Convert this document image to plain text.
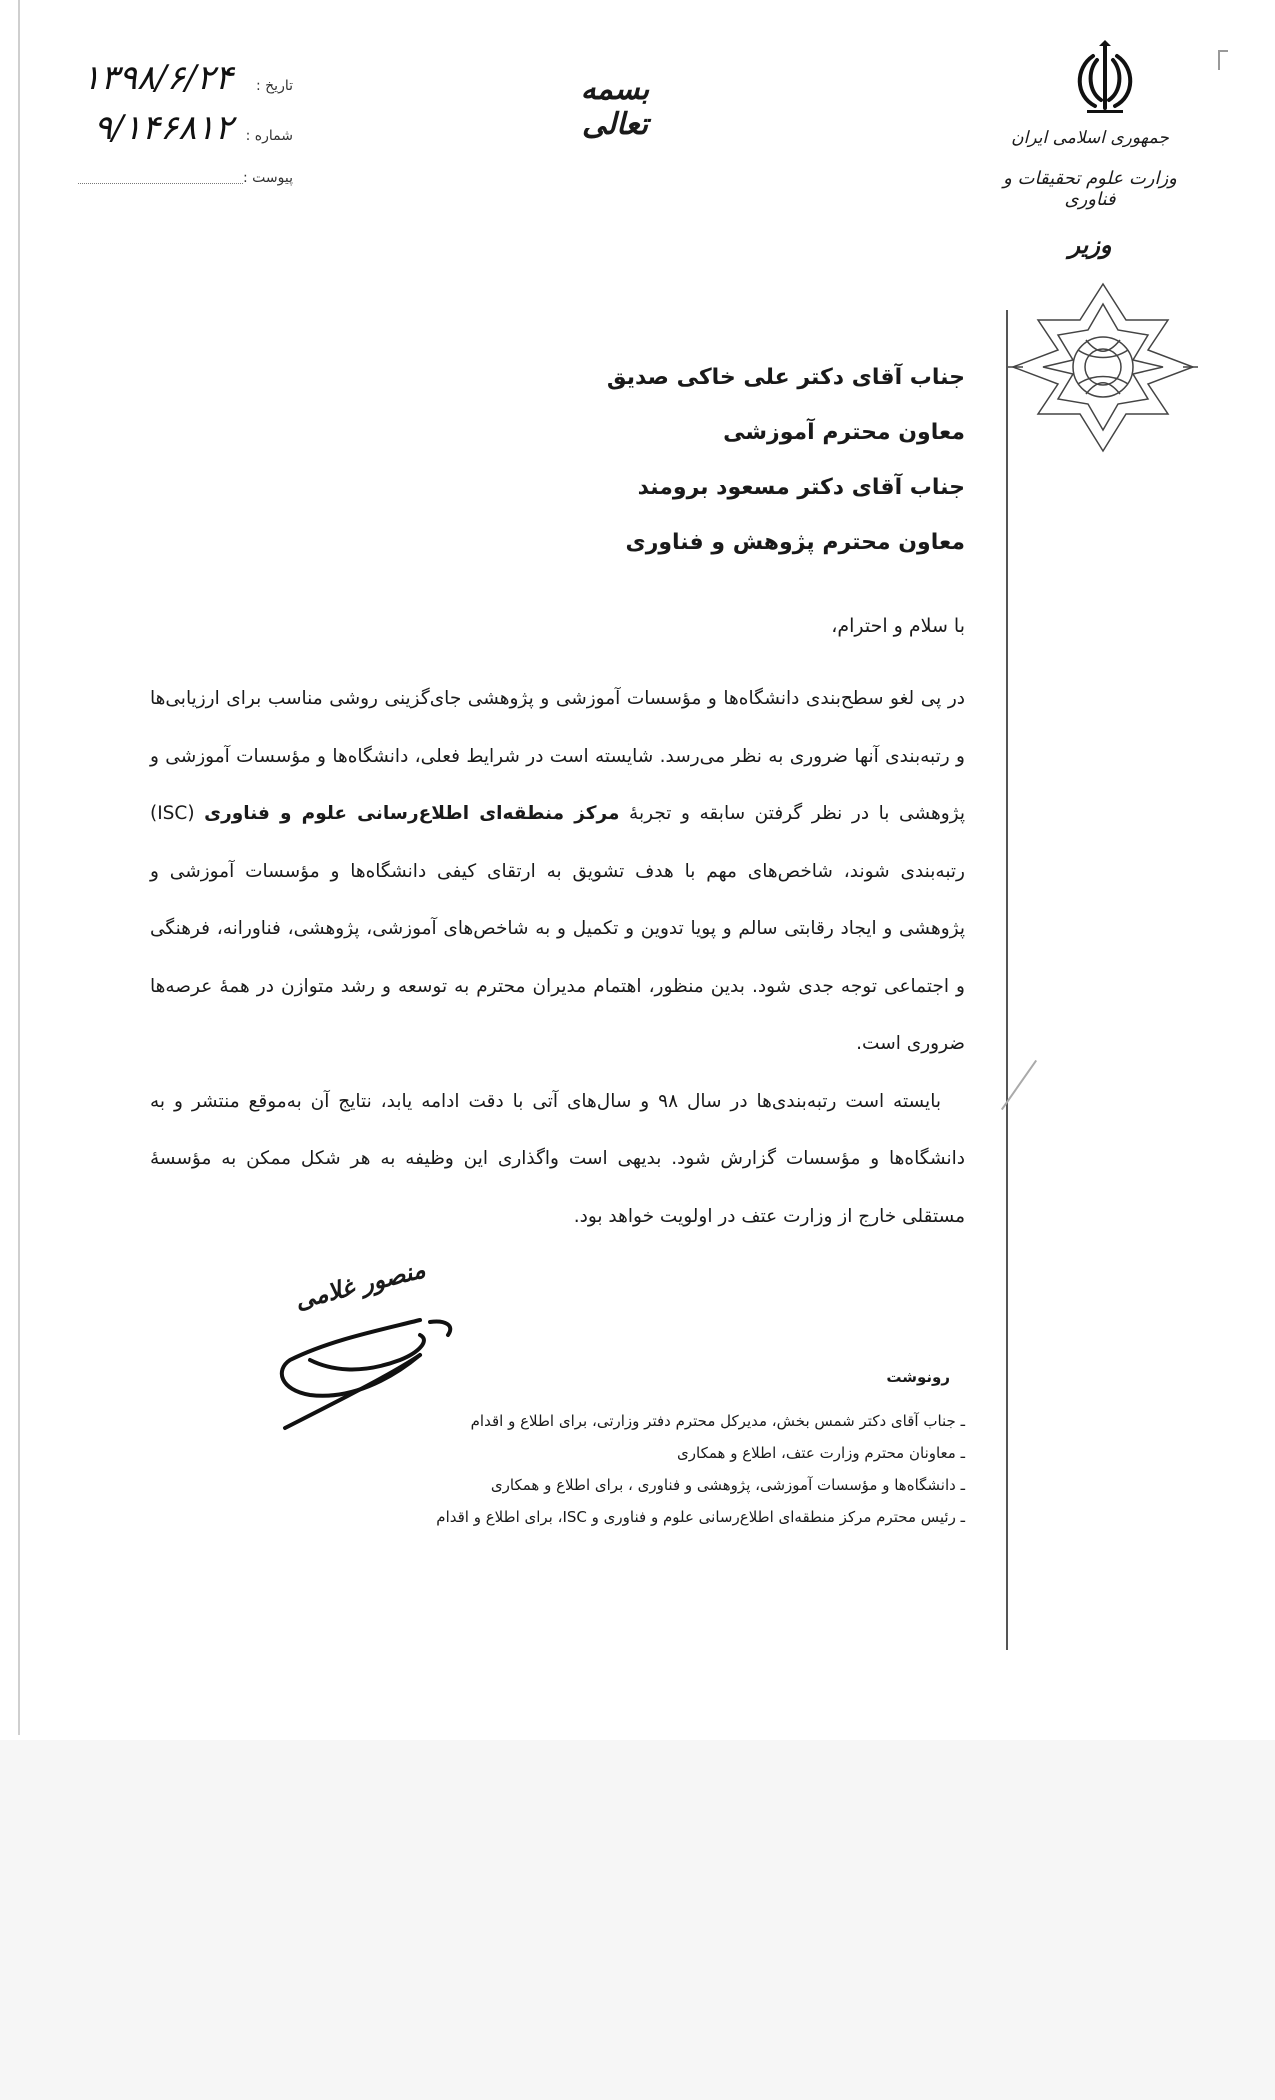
جمهوری اسلامی ایران
وزارت علوم تحقیقات و فناوری
وزیر
بسمه تعالی
تاریخ :
۱۳۹۸/۶/۲۴
شماره :
۹/۱۴۶۸۱۲
پیوست :
جناب آقای دکتر علی خاکی صدیق
معاون محترم آموزشی
جناب آقای دکتر مسعود برومند
معاون محترم پژوهش و فناوری
با سلام و احترام،

در پی لغو سطح‌بندی دانشگاه‌ها و مؤسسات آموزشی و پژوهشی جای‌گزینی روشی مناسب برای ارزیابی‌ها و رتبه‌بندی آنها ضروری به نظر می‌رسد. شایسته است در شرایط فعلی، دانشگاه‌ها و مؤسسات آموزشی و پژوهشی با در نظر گرفتن سابقه و تجربهٔ مرکز منطقه‌ای اطلاع‌رسانی علوم و فناوری (ISC) رتبه‌بندی شوند، شاخص‌های مهم با هدف تشویق به ارتقای کیفی دانشگاه‌ها و مؤسسات آموزشی و پژوهشی و ایجاد رقابتی سالم و پویا تدوین و تکمیل و به شاخص‌های آموزشی، پژوهشی، فناورانه، فرهنگی و اجتماعی توجه جدی شود. بدین منظور، اهتمام مدیران محترم به توسعه و رشد متوازن در همهٔ عرصه‌ها ضروری است.

بایسته است رتبه‌بندی‌ها در سال ۹۸ و سال‌های آتی با دقت ادامه یابد، نتایج آن به‌موقع منتشر و به دانشگاه‌ها و مؤسسات گزارش شود. بدیهی است واگذاری این وظیفه به هر شکل ممکن به مؤسسهٔ مستقلی خارج از وزارت عتف در اولویت خواهد بود.

منصور غلامی
رونوشت
ـ جناب آقای دکتر شمس بخش، مدیرکل محترم دفتر وزارتی، برای اطلاع و اقدام
ـ معاونان محترم وزارت عتف، اطلاع و همکاری
ـ دانشگاه‌ها و مؤسسات آموزشی، پژوهشی و فناوری ، برای اطلاع و همکاری
ـ رئیس محترم مرکز منطقه‌ای اطلاع‌رسانی علوم و فناوری و ISC، برای اطلاع و اقدام
